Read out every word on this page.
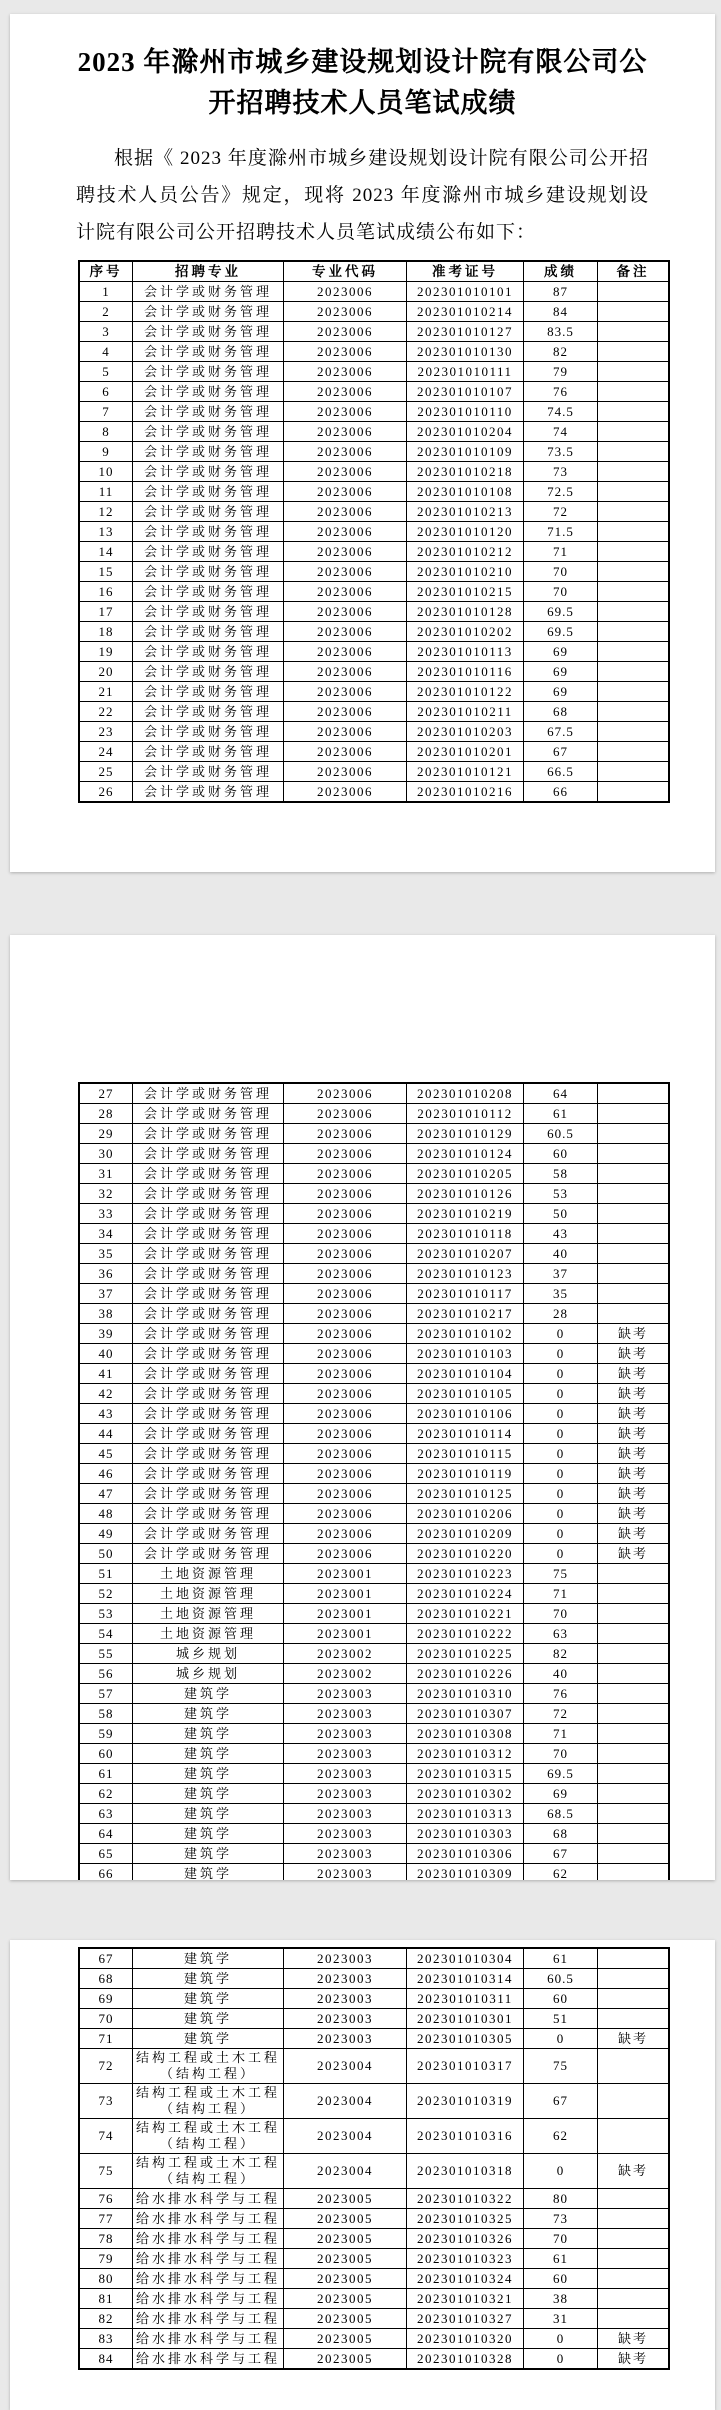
2023 年滁州市城乡建设规划设计院有限公司公开招聘技术人员笔试成绩
根据《 2023 年度滁州市城乡建设规划设计院有限公司公开招聘技术人员公告》规定，现将 2023 年度滁州市城乡建设规划设计院有限公司公开招聘技术人员笔试成绩公布如下：
序号	招聘专业	专业代码	准考证号	成绩	备注
1	会计学或财务管理	2023006	202301010101	87	
2	会计学或财务管理	2023006	202301010214	84	
3	会计学或财务管理	2023006	202301010127	83.5	
4	会计学或财务管理	2023006	202301010130	82	
5	会计学或财务管理	2023006	202301010111	79	
6	会计学或财务管理	2023006	202301010107	76	
7	会计学或财务管理	2023006	202301010110	74.5	
8	会计学或财务管理	2023006	202301010204	74	
9	会计学或财务管理	2023006	202301010109	73.5	
10	会计学或财务管理	2023006	202301010218	73	
11	会计学或财务管理	2023006	202301010108	72.5	
12	会计学或财务管理	2023006	202301010213	72	
13	会计学或财务管理	2023006	202301010120	71.5	
14	会计学或财务管理	2023006	202301010212	71	
15	会计学或财务管理	2023006	202301010210	70	
16	会计学或财务管理	2023006	202301010215	70	
17	会计学或财务管理	2023006	202301010128	69.5	
18	会计学或财务管理	2023006	202301010202	69.5	
19	会计学或财务管理	2023006	202301010113	69	
20	会计学或财务管理	2023006	202301010116	69	
21	会计学或财务管理	2023006	202301010122	69	
22	会计学或财务管理	2023006	202301010211	68	
23	会计学或财务管理	2023006	202301010203	67.5	
24	会计学或财务管理	2023006	202301010201	67	
25	会计学或财务管理	2023006	202301010121	66.5	
26	会计学或财务管理	2023006	202301010216	66	
27	会计学或财务管理	2023006	202301010208	64	
28	会计学或财务管理	2023006	202301010112	61	
29	会计学或财务管理	2023006	202301010129	60.5	
30	会计学或财务管理	2023006	202301010124	60	
31	会计学或财务管理	2023006	202301010205	58	
32	会计学或财务管理	2023006	202301010126	53	
33	会计学或财务管理	2023006	202301010219	50	
34	会计学或财务管理	2023006	202301010118	43	
35	会计学或财务管理	2023006	202301010207	40	
36	会计学或财务管理	2023006	202301010123	37	
37	会计学或财务管理	2023006	202301010117	35	
38	会计学或财务管理	2023006	202301010217	28	
39	会计学或财务管理	2023006	202301010102	0	缺考
40	会计学或财务管理	2023006	202301010103	0	缺考
41	会计学或财务管理	2023006	202301010104	0	缺考
42	会计学或财务管理	2023006	202301010105	0	缺考
43	会计学或财务管理	2023006	202301010106	0	缺考
44	会计学或财务管理	2023006	202301010114	0	缺考
45	会计学或财务管理	2023006	202301010115	0	缺考
46	会计学或财务管理	2023006	202301010119	0	缺考
47	会计学或财务管理	2023006	202301010125	0	缺考
48	会计学或财务管理	2023006	202301010206	0	缺考
49	会计学或财务管理	2023006	202301010209	0	缺考
50	会计学或财务管理	2023006	202301010220	0	缺考
51	土地资源管理	2023001	202301010223	75	
52	土地资源管理	2023001	202301010224	71	
53	土地资源管理	2023001	202301010221	70	
54	土地资源管理	2023001	202301010222	63	
55	城乡规划	2023002	202301010225	82	
56	城乡规划	2023002	202301010226	40	
57	建筑学	2023003	202301010310	76	
58	建筑学	2023003	202301010307	72	
59	建筑学	2023003	202301010308	71	
60	建筑学	2023003	202301010312	70	
61	建筑学	2023003	202301010315	69.5	
62	建筑学	2023003	202301010302	69	
63	建筑学	2023003	202301010313	68.5	
64	建筑学	2023003	202301010303	68	
65	建筑学	2023003	202301010306	67	
66	建筑学	2023003	202301010309	62	
67	建筑学	2023003	202301010304	61	
68	建筑学	2023003	202301010314	60.5	
69	建筑学	2023003	202301010311	60	
70	建筑学	2023003	202301010301	51	
71	建筑学	2023003	202301010305	0	缺考
72	结构工程或土木工程（结构工程）	2023004	202301010317	75	
73	结构工程或土木工程（结构工程）	2023004	202301010319	67	
74	结构工程或土木工程（结构工程）	2023004	202301010316	62	
75	结构工程或土木工程（结构工程）	2023004	202301010318	0	缺考
76	给水排水科学与工程	2023005	202301010322	80	
77	给水排水科学与工程	2023005	202301010325	73	
78	给水排水科学与工程	2023005	202301010326	70	
79	给水排水科学与工程	2023005	202301010323	61	
80	给水排水科学与工程	2023005	202301010324	60	
81	给水排水科学与工程	2023005	202301010321	38	
82	给水排水科学与工程	2023005	202301010327	31	
83	给水排水科学与工程	2023005	202301010320	0	缺考
84	给水排水科学与工程	2023005	202301010328	0	缺考
